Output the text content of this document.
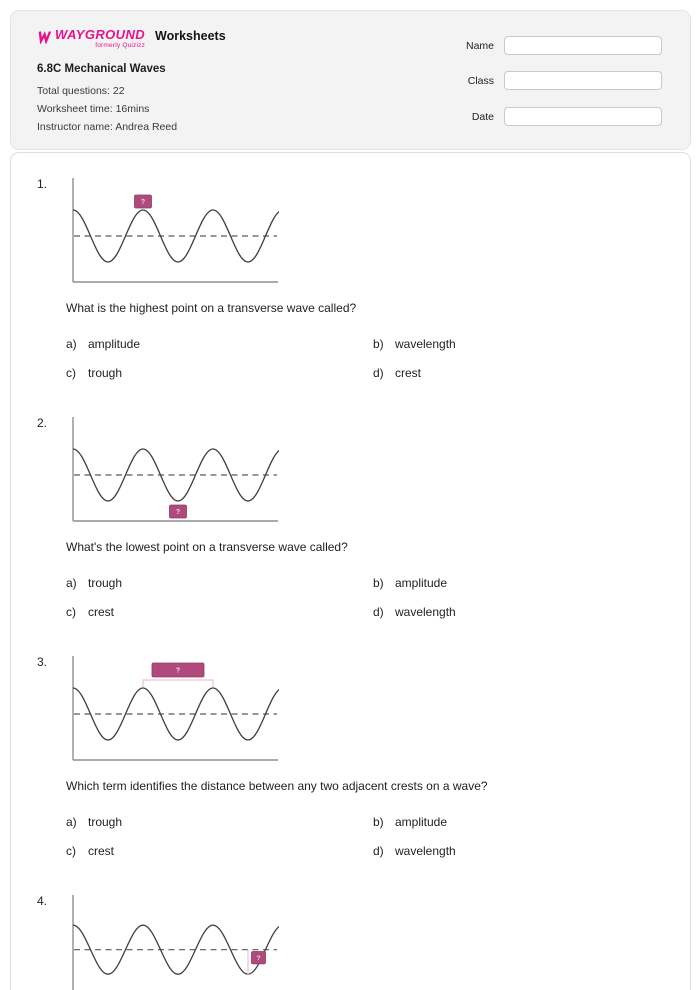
WAYGROUND
formerly Quizizz
Worksheets
6.8C Mechanical Waves
Total questions: 22
Worksheet time: 16mins
Instructor name: Andrea Reed
Name
Class
Date
1.
?
What is the highest point on a transverse wave called?
a) amplitude	b) wavelength
c)	trough	d) crest
2.
?
What's the lowest point on a transverse wave called?
a) trough	b) amplitude
c)	crest	d) wavelength
3.
?
Which term identifies the distance between any two adjacent crests on a wave?
a) trough	b) amplitude
c)	crest	d) wavelength
4.
?
